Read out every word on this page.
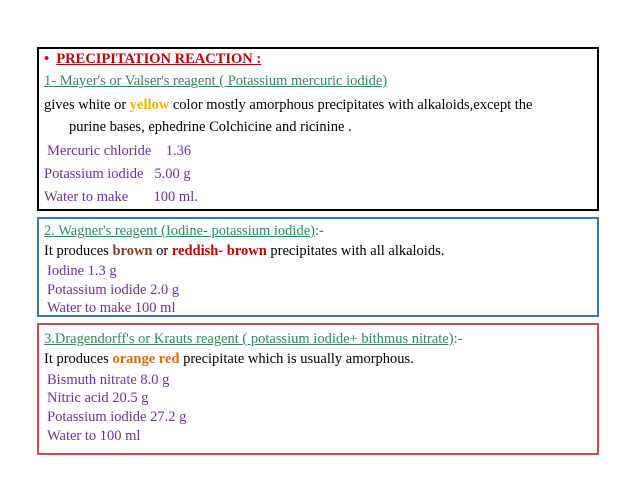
•  PRECIPITATION REACTION :
1- Mayer's or Valser's reagent ( Potassium mercuric iodide)
gives white or yellow color mostly amorphous precipitates with alkaloids,except the
purine bases, ephedrine Colchicine and ricinine .
Mercuric chloride    1.36
Potassium iodide   5.00 g
Water to make       100 ml.
2. Wagner's reagent (Iodine- potassium iodide):-
It produces brown or reddish- brown precipitates with all alkaloids.
Iodine 1.3 g
Potassium iodide 2.0 g
Water to make 100 ml
3.Dragendorff's or Krauts reagent ( potassium iodide+ bithmus nitrate):-
It produces orange red precipitate which is usually amorphous.
Bismuth nitrate 8.0 g
Nitric acid 20.5 g
Potassium iodide 27.2 g
Water to 100 ml
